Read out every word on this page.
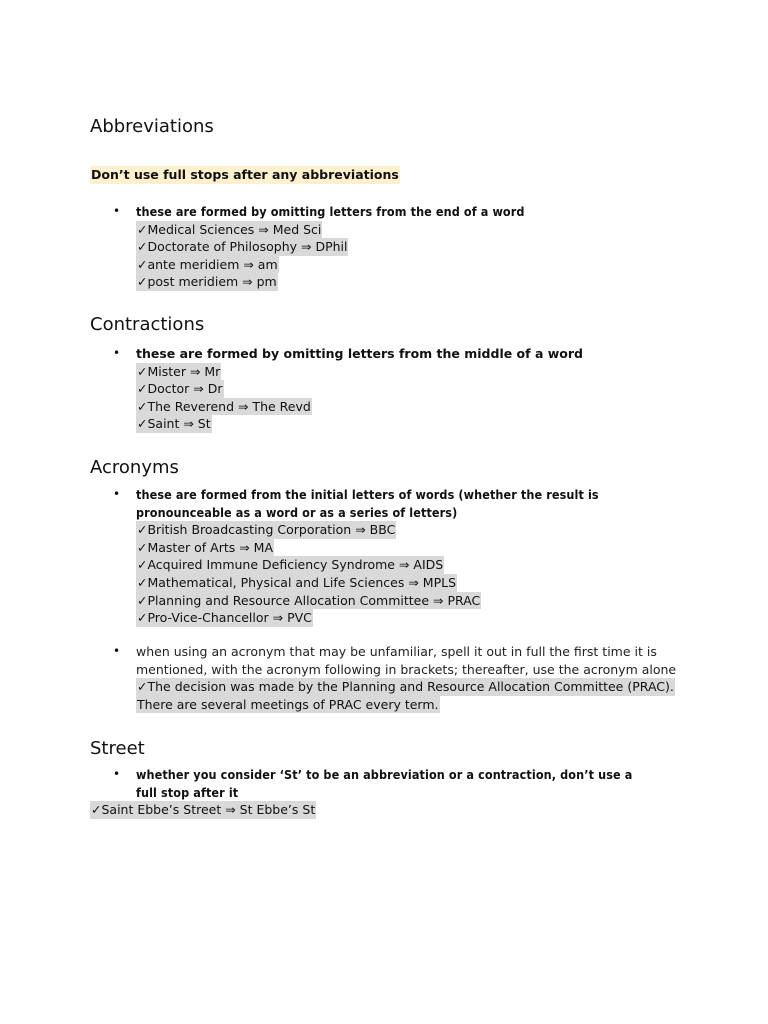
Abbreviations
Don’t use full stops after any abbreviations
• these are formed by omitting letters from the end of a word
✓Medical Sciences ⇒ Med Sci
✓Doctorate of Philosophy ⇒ DPhil
✓ante meridiem ⇒ am
✓post meridiem ⇒ pm
Contractions
• these are formed by omitting letters from the middle of a word
✓Mister ⇒ Mr
✓Doctor ⇒ Dr
✓The Reverend ⇒ The Revd
✓Saint ⇒ St
Acronyms
• these are formed from the initial letters of words (whether the result is
pronounceable as a word or as a series of letters)
✓British Broadcasting Corporation ⇒ BBC
✓Master of Arts ⇒ MA
✓Acquired Immune Deficiency Syndrome ⇒ AIDS
✓Mathematical, Physical and Life Sciences ⇒ MPLS
✓Planning and Resource Allocation Committee ⇒ PRAC
✓Pro-Vice-Chancellor ⇒ PVC
• when using an acronym that may be unfamiliar, spell it out in full the first time it is
mentioned, with the acronym following in brackets; thereafter, use the acronym alone
✓The decision was made by the Planning and Resource Allocation Committee (PRAC).
There are several meetings of PRAC every term.
Street
• whether you consider ‘St’ to be an abbreviation or a contraction, don’t use a
full stop after it
✓Saint Ebbe’s Street ⇒ St Ebbe’s St
